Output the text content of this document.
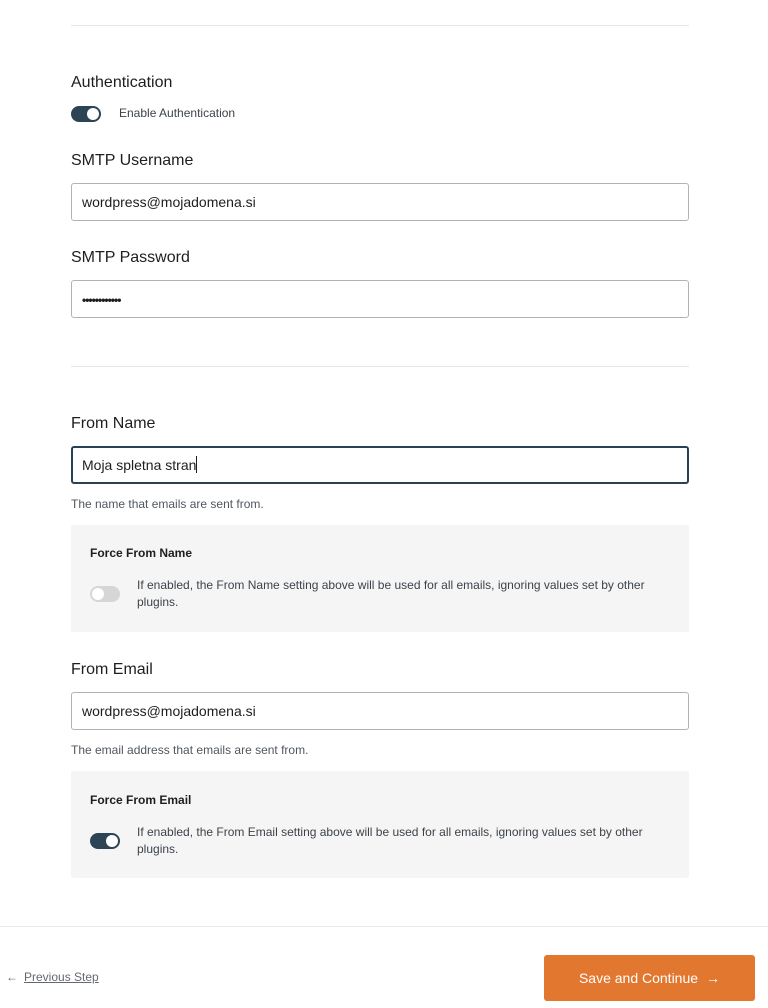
Authentication
Enable Authentication
SMTP Username
wordpress@mojadomena.si
SMTP Password
••••••••••••
From Name
Moja spletna stran
The name that emails are sent from.
Force From Name
If enabled, the From Name setting above will be used for all emails, ignoring values set by other plugins.
From Email
wordpress@mojadomena.si
The email address that emails are sent from.
Force From Email
If enabled, the From Email setting above will be used for all emails, ignoring values set by other plugins.
← Previous Step	Save and Continue →
